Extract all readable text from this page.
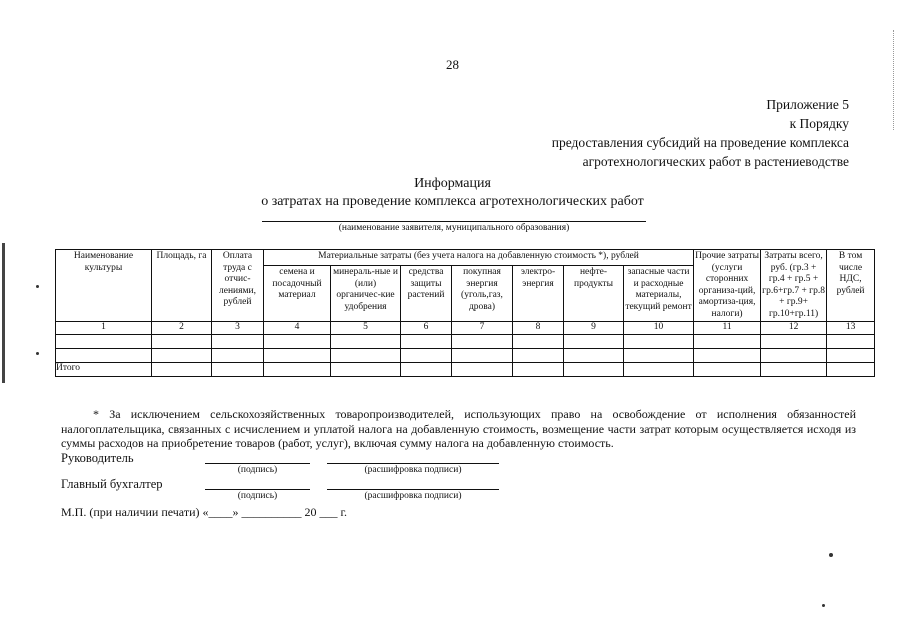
28
Приложение 5
к Порядку
предоставления субсидий на проведение комплекса
агротехнологических работ в растениеводстве
Информация
о затратах на проведение комплекса агротехнологических работ
(наименование заявителя, муниципального образования)
Наименование культуры	Площадь, га	Оплата труда с отчис-лениями, рублей	Материальные затраты (без учета налога на добавленную стоимость *), рублей							Прочие затраты (услуги сторонних организа-ций, амортиза-ция, налоги)	Затраты всего, руб. (гр.3 + гр.4 + гр.5 + гр.6+гр.7 + гр.8 + гр.9+ гр.10+гр.11)	В том числе НДС, рублей
			семена и посадочный материал	минераль-ные и (или) органичес-кие удобрения	средства защиты растений	покупная энергия (уголь,газ, дрова)	электро-энергия	нефте-продукты	запасные части и расходные материалы, текущий ремонт			
1	2	3	4	5	6	7	8	9	10	11	12	13

Итого												

* За исключением сельскохозяйственных товаропроизводителей, использующих право на освобождение от исполнения обязанностей налогоплательщика, связанных с исчислением и уплатой налога на добавленную стоимость, возмещение части затрат которым осуществляется исходя из суммы расходов на приобретение товаров (работ, услуг), включая сумму налога на добавленную стоимость.

Руководитель
(подпись)	(расшифровка подписи)
Главный бухгалтер
(подпись)	(расшифровка подписи)
М.П. (при наличии печати) «____» __________ 20 ___ г.
